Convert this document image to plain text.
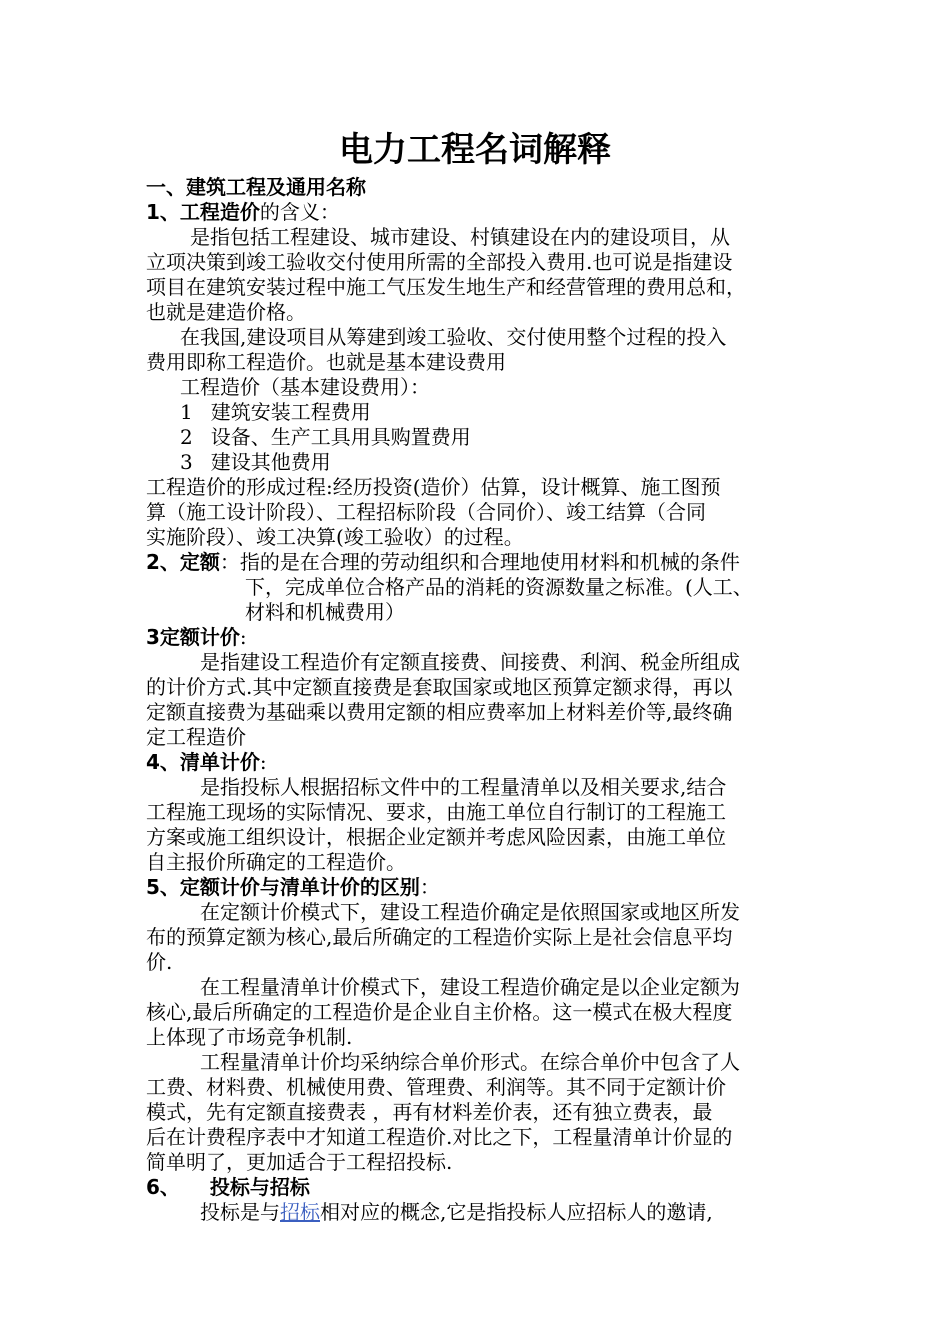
电力工程名词解释
一、建筑工程及通用名称
1、工程造价的含义：
是指包括工程建设、城市建设、村镇建设在内的建设项目，从
立项决策到竣工验收交付使用所需的全部投入费用.也可说是指建设
项目在建筑安装过程中施工气压发生地生产和经营管理的费用总和，
也就是建造价格。
在我国,建设项目从筹建到竣工验收、交付使用整个过程的投入
费用即称工程造价。也就是基本建设费用
工程造价（基本建设费用）：
1 建筑安装工程费用
2 设备、生产工具用具购置费用
3 建设其他费用
工程造价的形成过程:经历投资(造价）估算，设计概算、施工图预
算（施工设计阶段）、工程招标阶段（合同价）、竣工结算（合同
实施阶段）、竣工决算(竣工验收）的过程。
2、定额：指的是在合理的劳动组织和合理地使用材料和机械的条件
下，完成单位合格产品的消耗的资源数量之标准。(人工、
材料和机械费用）
3定额计价:
是指建设工程造价有定额直接费、间接费、利润、税金所组成
的计价方式.其中定额直接费是套取国家或地区预算定额求得，再以
定额直接费为基础乘以费用定额的相应费率加上材料差价等,最终确
定工程造价
4、清单计价:
是指投标人根据招标文件中的工程量清单以及相关要求,结合
工程施工现场的实际情况、要求，由施工单位自行制订的工程施工
方案或施工组织设计，根据企业定额并考虑风险因素，由施工单位
自主报价所确定的工程造价。
5、定额计价与清单计价的区别：
在定额计价模式下，建设工程造价确定是依照国家或地区所发
布的预算定额为核心,最后所确定的工程造价实际上是社会信息平均
价.
在工程量清单计价模式下，建设工程造价确定是以企业定额为
核心,最后所确定的工程造价是企业自主价格。这一模式在极大程度
上体现了市场竞争机制.
工程量清单计价均采纳综合单价形式。在综合单价中包含了人
工费、材料费、机械使用费、管理费、利润等。其不同于定额计价
模式，先有定额直接费表 ，再有材料差价表，还有独立费表，最
后在计费程序表中才知道工程造价.对比之下，工程量清单计价显的
简单明了，更加适合于工程招投标.
6、 投标与招标
投标是与招标相对应的概念,它是指投标人应招标人的邀请,
